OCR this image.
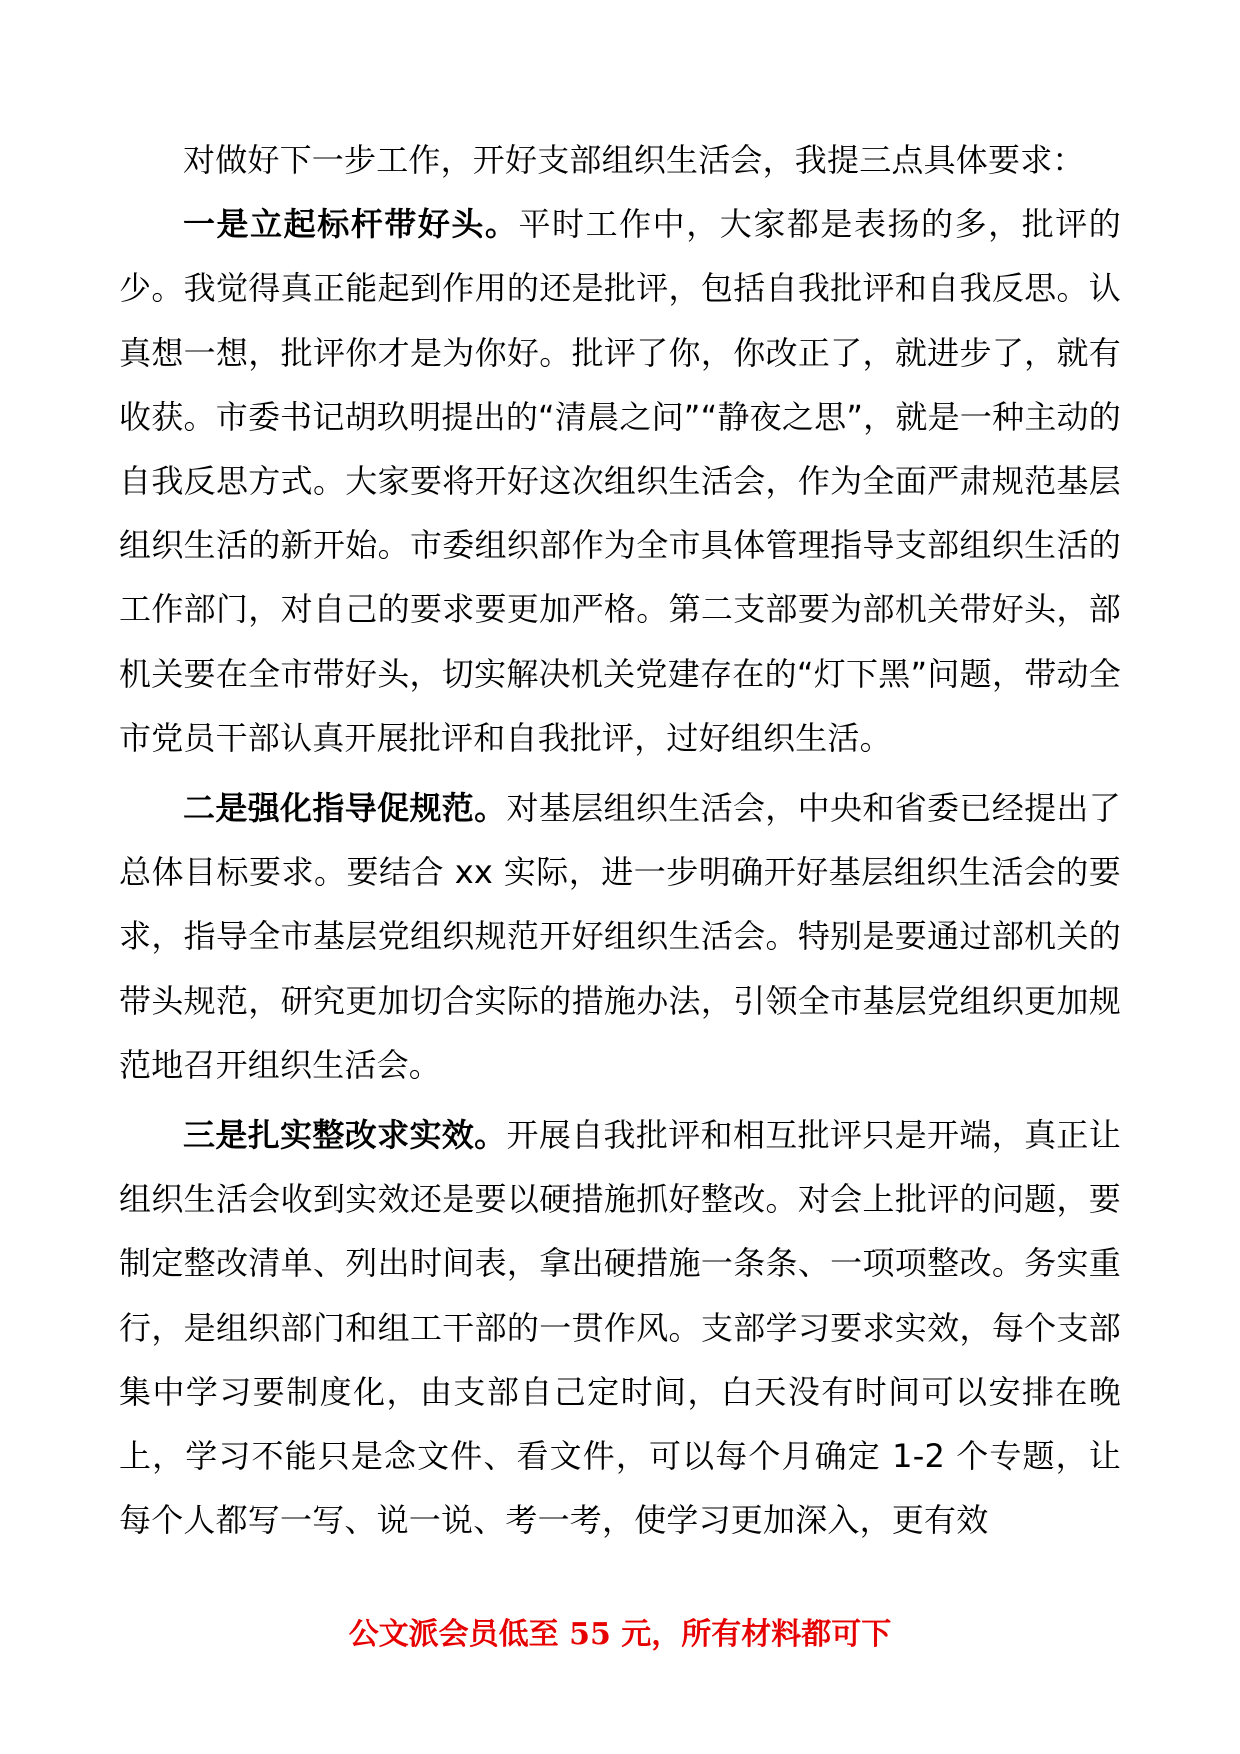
对做好下一步工作，开好支部组织生活会，我提三点具体要求：

一是立起标杆带好头。平时工作中，大家都是表扬的多，批评的少。我觉得真正能起到作用的还是批评，包括自我批评和自我反思。认真想一想，批评你才是为你好。批评了你，你改正了，就进步了，就有收获。市委书记胡玖明提出的“清晨之问”“静夜之思”，就是一种主动的自我反思方式。大家要将开好这次组织生活会，作为全面严肃规范基层组织生活的新开始。市委组织部作为全市具体管理指导支部组织生活的工作部门，对自己的要求要更加严格。第二支部要为部机关带好头，部机关要在全市带好头，切实解决机关党建存在的“灯下黑”问题，带动全市党员干部认真开展批评和自我批评，过好组织生活。

二是强化指导促规范。对基层组织生活会，中央和省委已经提出了总体目标要求。要结合 xx 实际，进一步明确开好基层组织生活会的要求，指导全市基层党组织规范开好组织生活会。特别是要通过部机关的带头规范，研究更加切合实际的措施办法，引领全市基层党组织更加规范地召开组织生活会。

三是扎实整改求实效。开展自我批评和相互批评只是开端，真正让组织生活会收到实效还是要以硬措施抓好整改。对会上批评的问题，要制定整改清单、列出时间表，拿出硬措施一条条、一项项整改。务实重行，是组织部门和组工干部的一贯作风。支部学习要求实效，每个支部集中学习要制度化，由支部自己定时间，白天没有时间可以安排在晚上，学习不能只是念文件、看文件，可以每个月确定 1-2 个专题，让每个人都写一写、说一说、考一考，使学习更加深入，更有效

公文派会员低至 55 元，所有材料都可下
